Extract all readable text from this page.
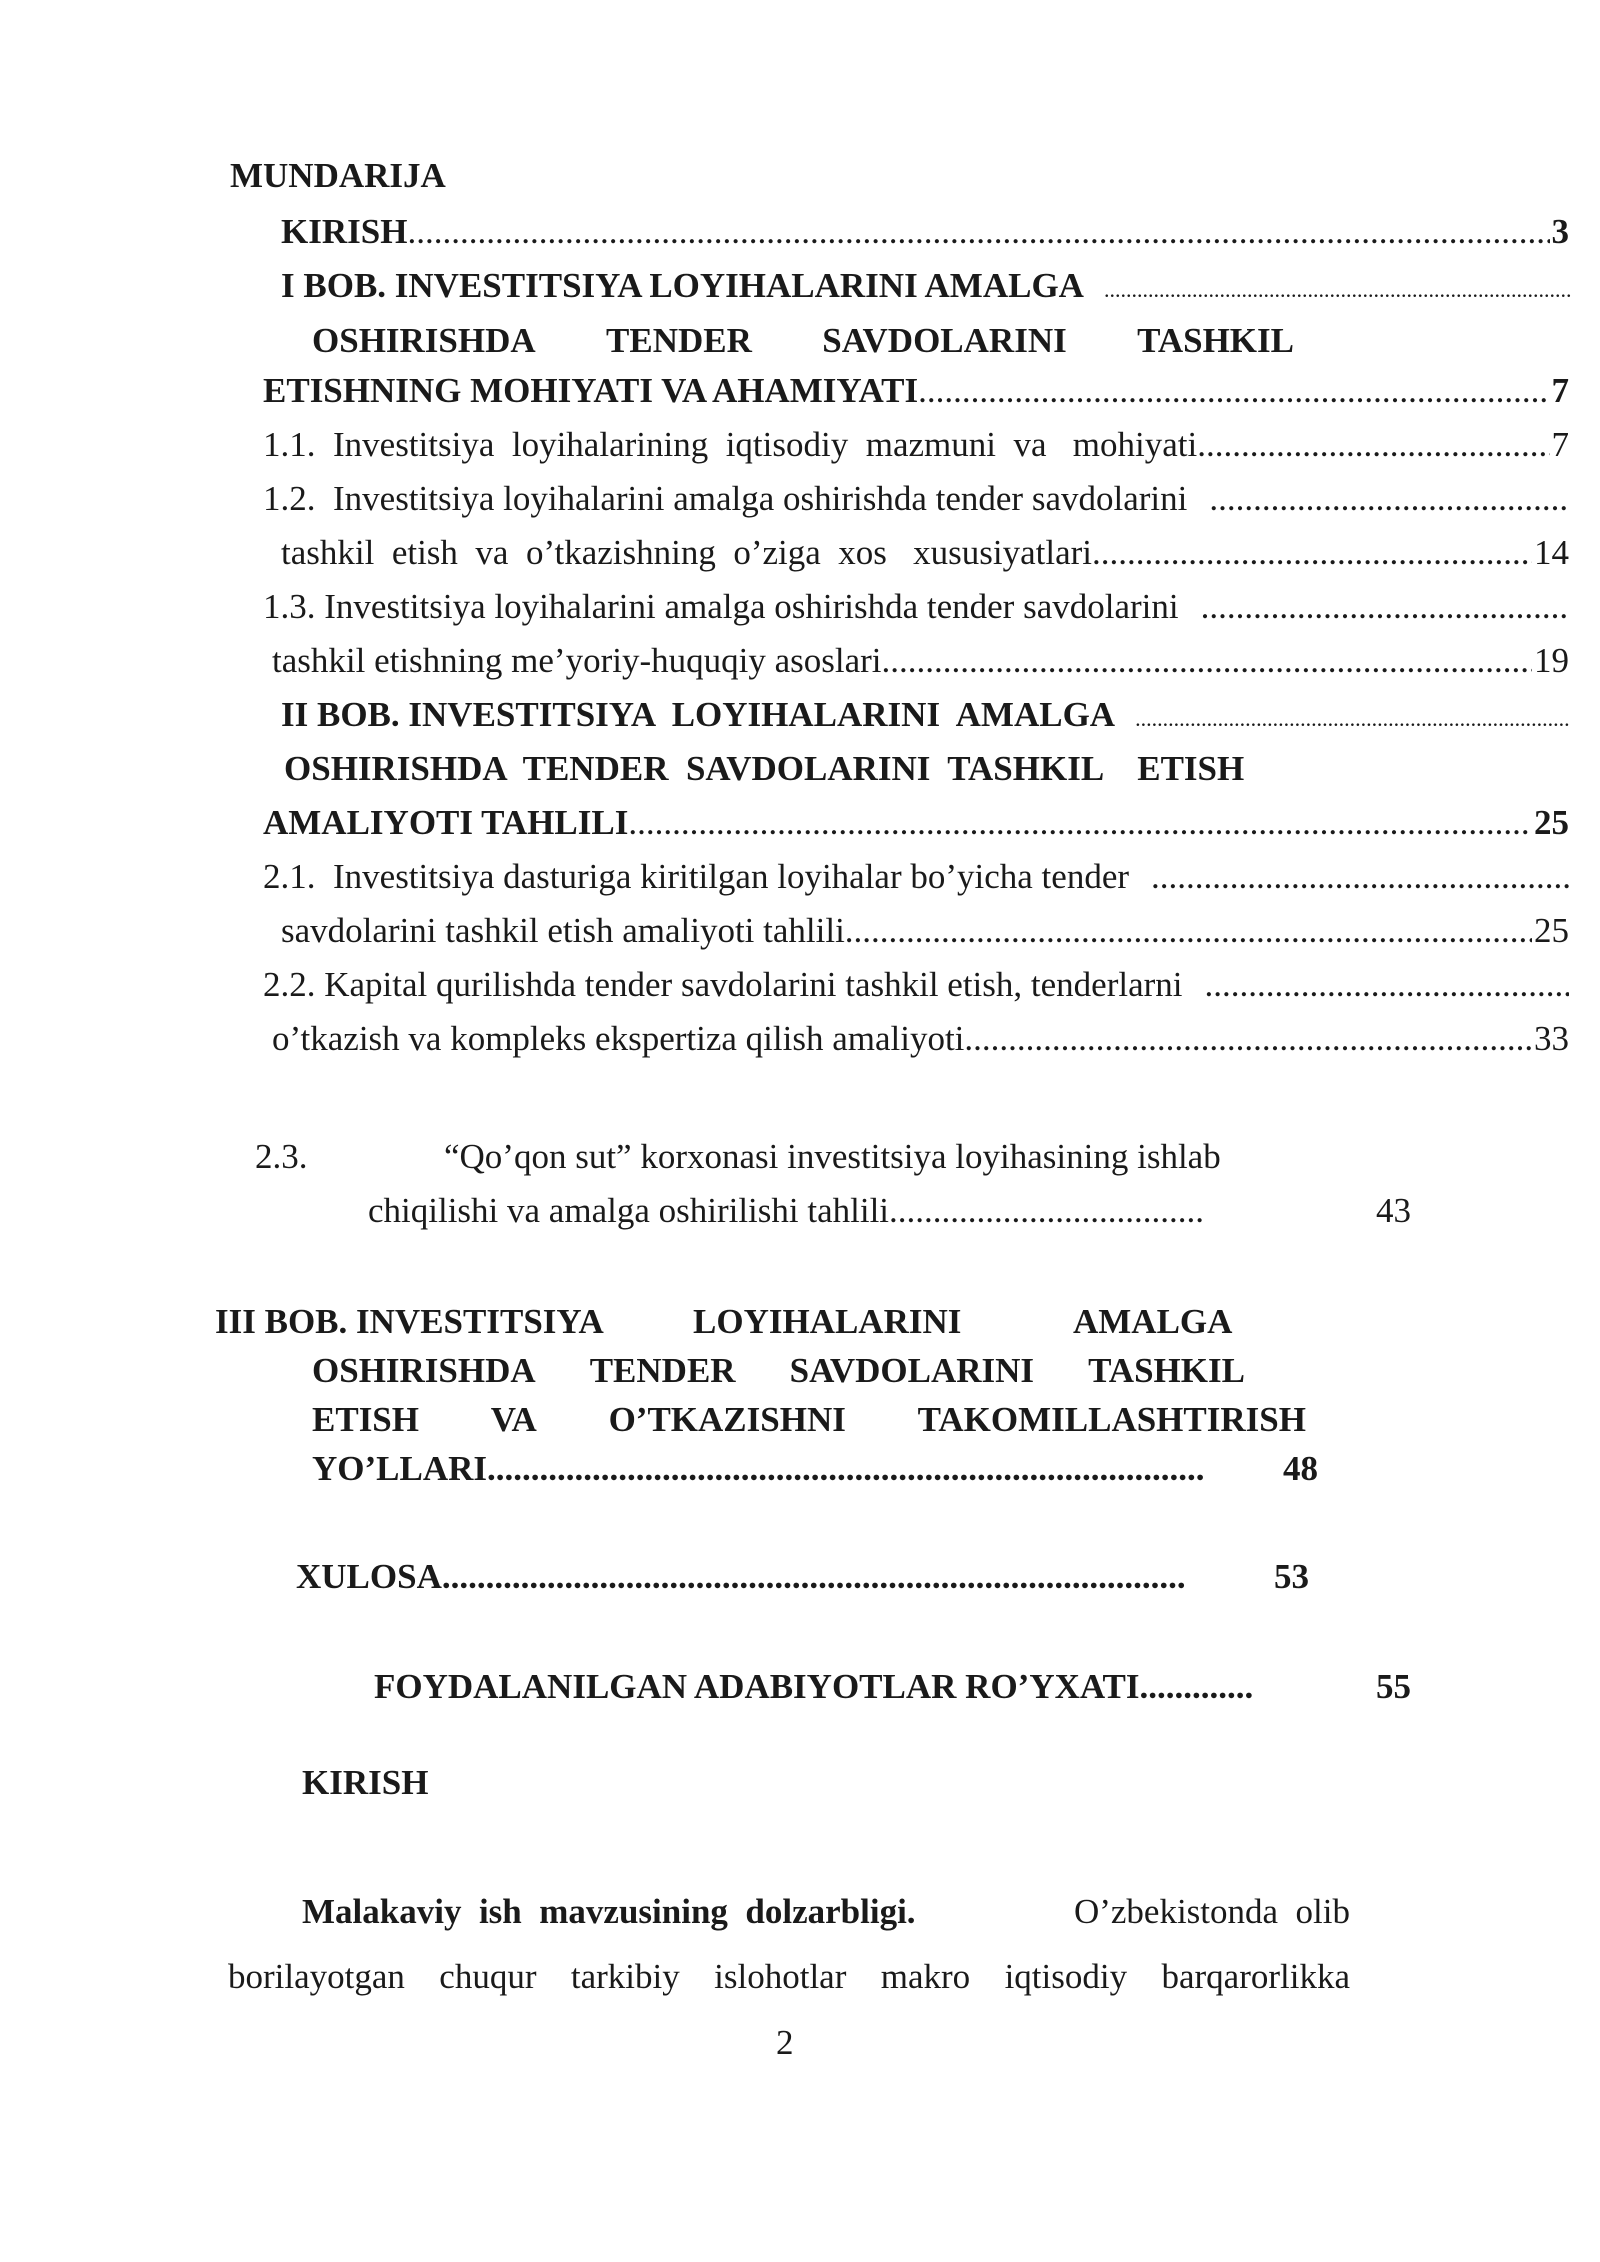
MUNDARIJA
KIRISH .....	3
I BOB. INVESTITSIYA LOYIHALARINI AMALGA
.....
OSHIRISHDA TENDER SAVDOLARINI TASHKIL
ETISHNING MOHIYATI VA AHAMIYATI .....	7
1.1.  Investitsiya  loyihalarining  iqtisodiy  mazmuni  va   mohiyati .....	7
1.2.  Investitsiya loyihalarini amalga oshirishda tender savdolarini
.....
tashkil  etish  va  o’tkazishning  o’ziga  xos   xususiyatlari .....	14
1.3. Investitsiya loyihalarini amalga oshirishda tender savdolarini
.....
tashkil etishning me’yoriy-huquqiy asoslari .....	19
II BOB. INVESTITSIYA  LOYIHALARINI  AMALGA
.....
OSHIRISHDA  TENDER  SAVDOLARINI  TASHKIL    ETISH
AMALIYOTI TAHLILI .....	25
2.1.  Investitsiya dasturiga kiritilgan loyihalar bo’yicha tender
.....
savdolarini tashkil etish amaliyoti tahlili .....	25
2.2. Kapital qurilishda tender savdolarini tashkil etish, tenderlarni
.....
o’tkazish va kompleks ekspertiza qilish amaliyoti .....	33
2.3.	“Qo’qon sut” korxonasi investitsiya loyihasining ishlab
chiqilishi va amalga oshirilishi tahlili....................................	43
III BOB. INVESTITSIYA	LOYIHALARINI	AMALGA
OSHIRISHDA TENDER SAVDOLARINI TASHKIL
ETISH VA O’TKAZISHNI TAKOMILLASHTIRISH
YO’LLARI.................................................................................. 48
XULOSA.....................................................................................	53
FOYDALANILGAN ADABIYOTLAR RO’YXATI.............	55
KIRISH
Malakaviy  ish  mavzusining  dolzarbligi.	O’zbekistonda  olib
borilayotgan  chuqur  tarkibiy  islohotlar  makro  iqtisodiy  barqarorlikka
2
